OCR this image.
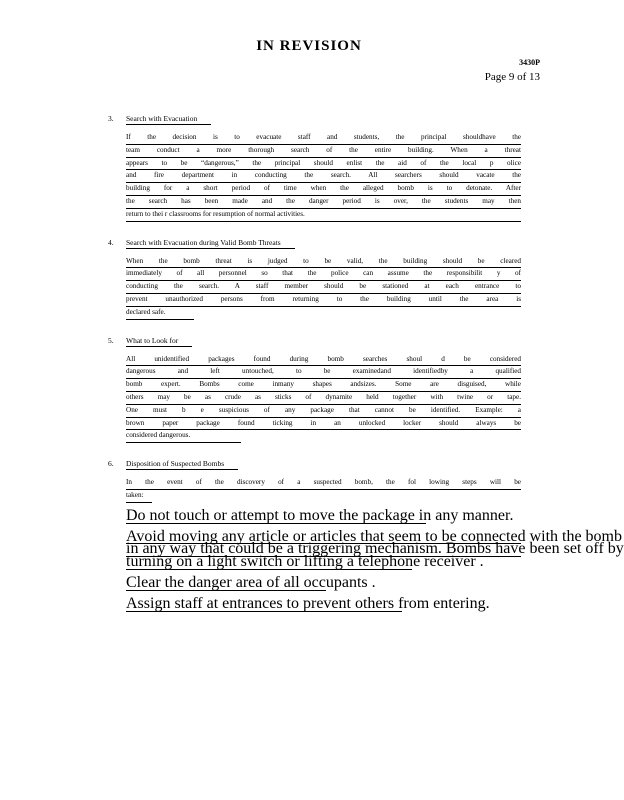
IN REVISION
3430P
Page 9 of 13
3.	Search with Evacuation
If the decision is to evacuate staff and students, the principal shouldhave the
team conduct a more thorough search of the entire building. When a threat
appears to be “dangerous,” the principal should enlist the aid of the local p olice
and fire department in conducting the search. All searchers should vacate the
building for a short period of time when the alleged bomb is to detonate. After
the search has been made and the danger period is over, the students may then
return to thei r classrooms for resumption of normal activities.
4.	Search with Evacuation during Valid Bomb Threats
When the bomb threat is judged to be valid, the building should be cleared
immediately of all personnel so that the police can assume the responsibilit y of
conducting the search. A staff member should be stationed at each entrance to
prevent unauthorized persons from returning to the building until the area is
declared safe.
5.	What to Look for
All unidentified packages found during bomb searches shoul d be considered
dangerous and left untouched, to be examinedand identifiedby a qualified
bomb expert. Bombs come inmany shapes andsizes. Some are disguised, while
others may be as crude as sticks of dynamite held together with twine or tape.
One must b e suspicious of any package that cannot be identified. Example: a
brown paper package found ticking in an unlocked locker should always be
considered dangerous.
6.	Disposition of Suspected Bombs
In the event of the discovery of a suspected bomb, the fol lowing steps will be
taken:
Do not touch or attempt to move the package in any manner.
Avoid moving any article or articles that seem to be connected with the bomb
in any way that could be a triggering mechanism. Bombs have been set off by
turning on a light switch or lifting a telephone receiver .
Clear the danger area of all occupants .
Assign staff at entrances to prevent others from entering.
